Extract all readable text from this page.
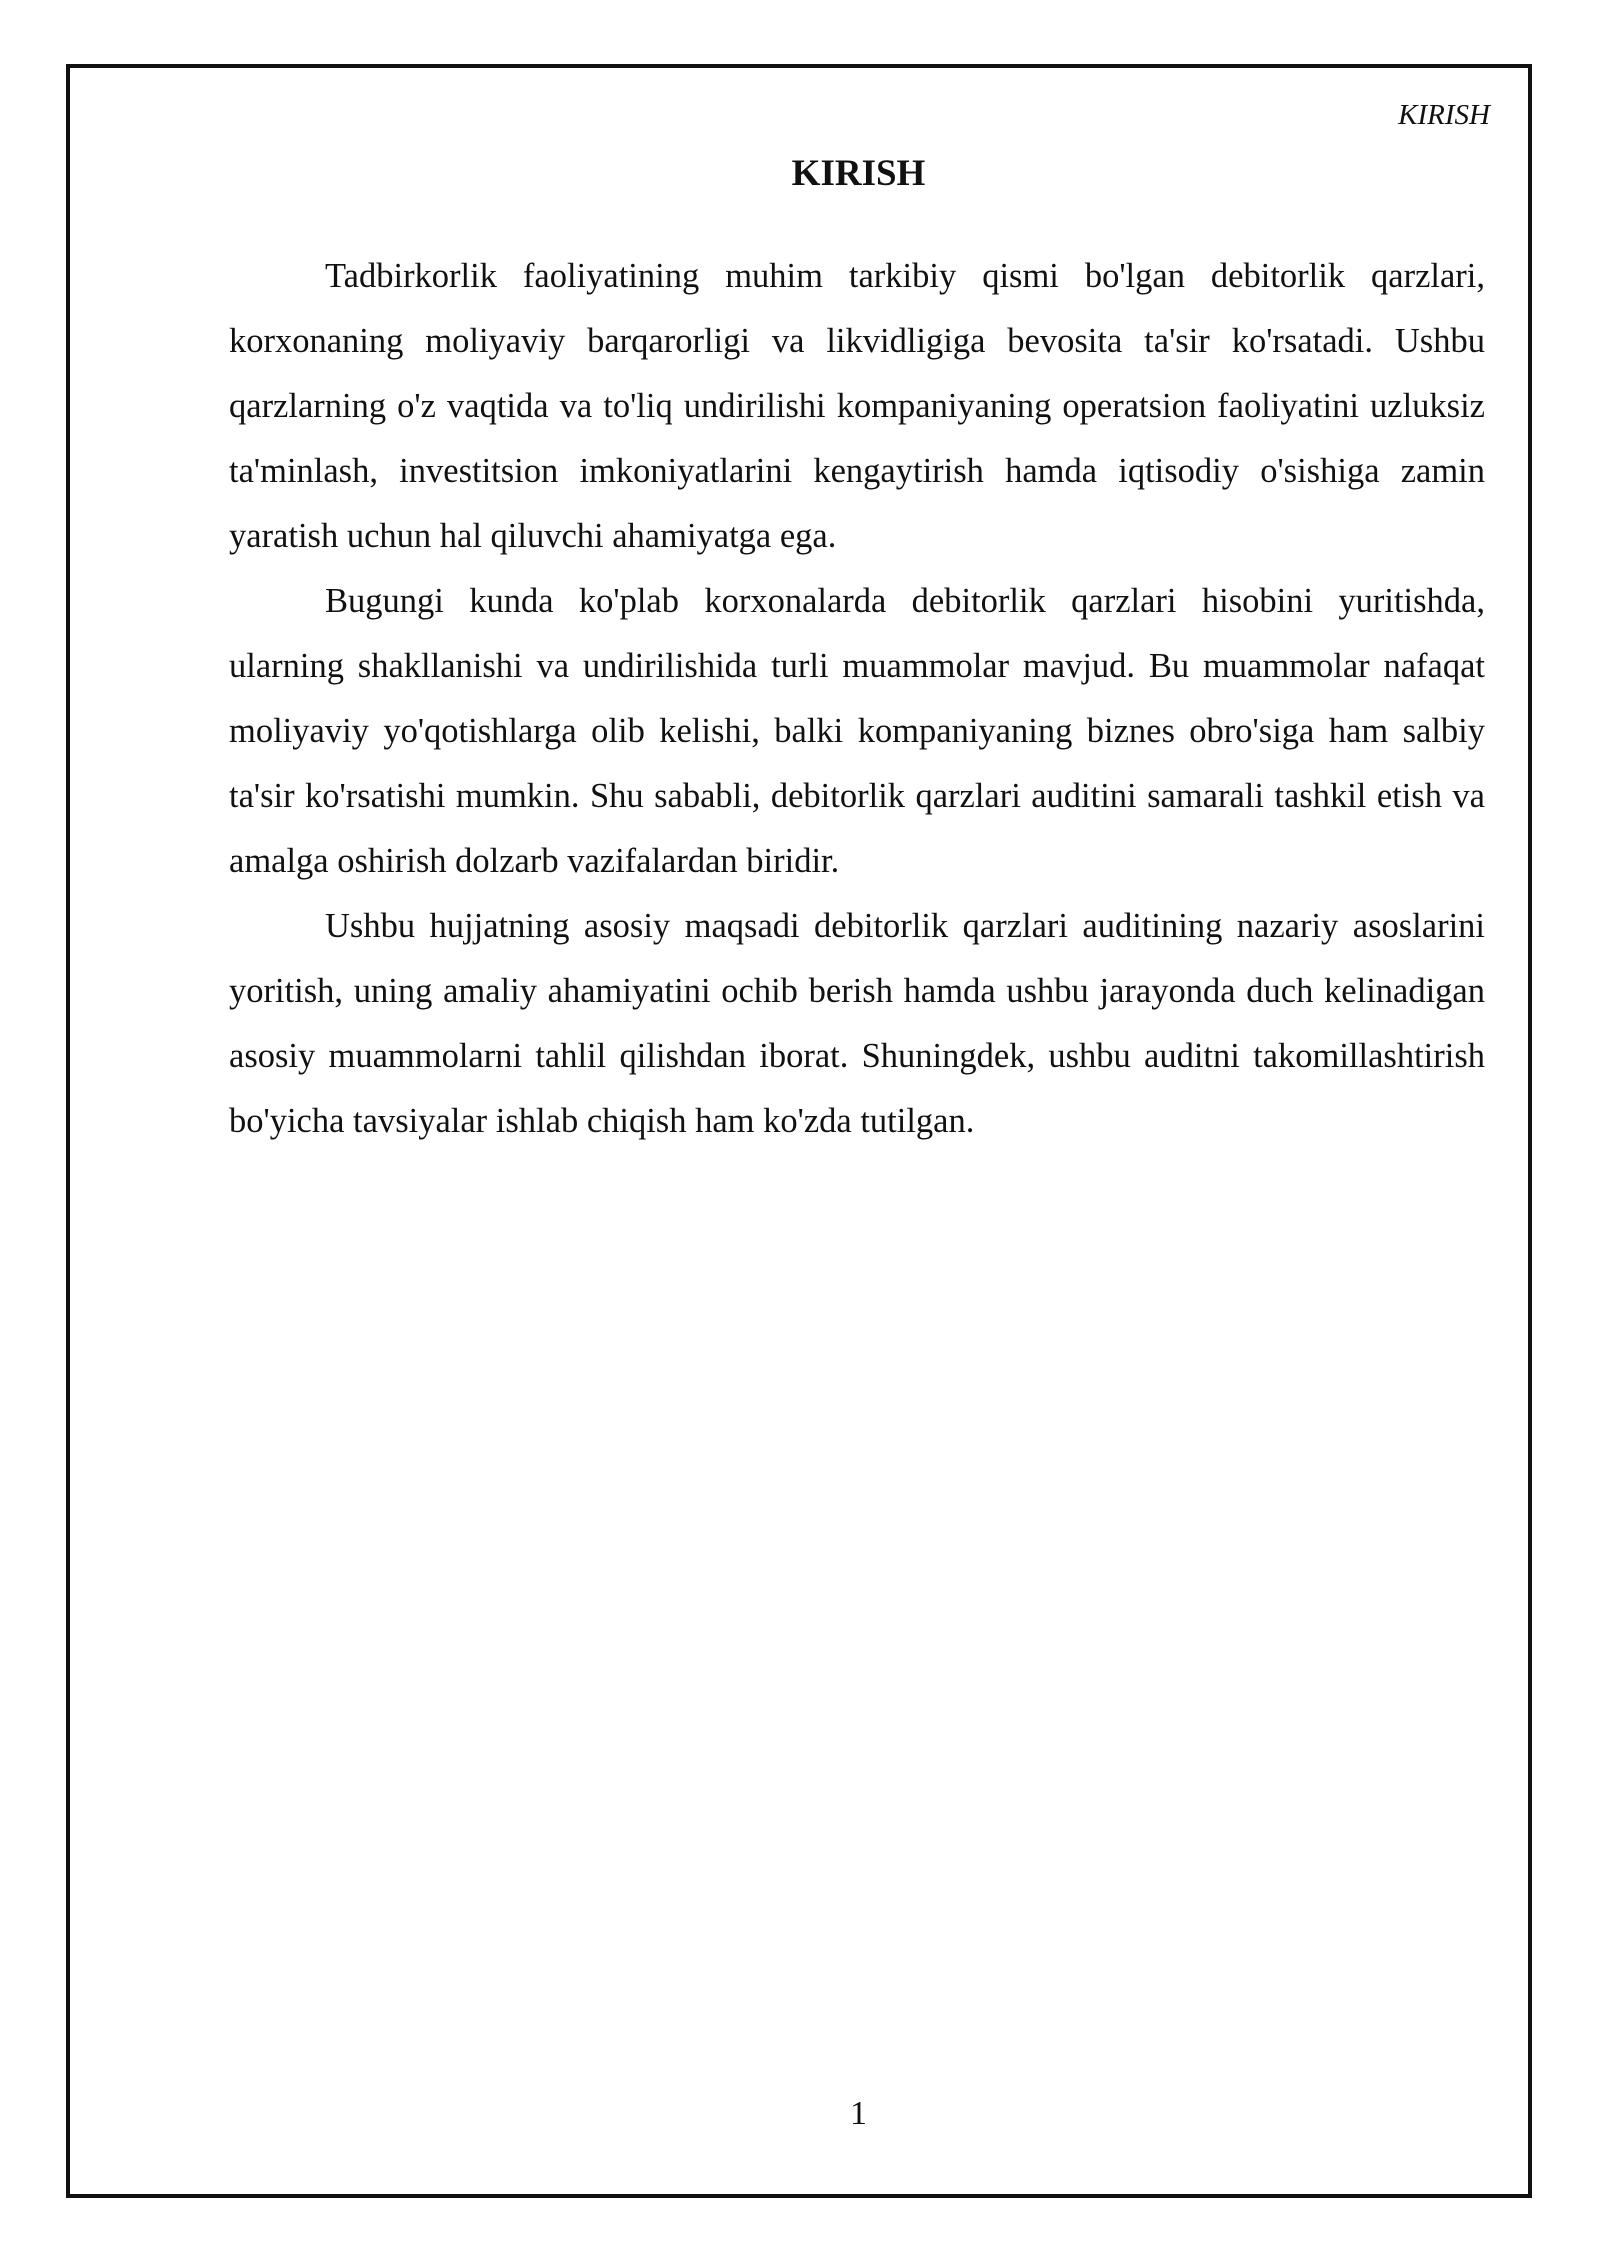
KIRISH
KIRISH

Tadbirkorlik faoliyatining muhim tarkibiy qismi bo'lgan debitorlik qarzlari, korxonaning moliyaviy barqarorligi va likvidligiga bevosita ta'sir ko'rsatadi. Ushbu qarzlarning o'z vaqtida va to'liq undirilishi kompaniyaning operatsion faoliyatini uzluksiz ta'minlash, investitsion imkoniyatlarini kengaytirish hamda iqtisodiy o'sishiga zamin yaratish uchun hal qiluvchi ahamiyatga ega.

Bugungi kunda ko'plab korxonalarda debitorlik qarzlari hisobini yuritishda, ularning shakllanishi va undirilishida turli muammolar mavjud. Bu muammolar nafaqat moliyaviy yo'qotishlarga olib kelishi, balki kompaniyaning biznes obro'siga ham salbiy ta'sir ko'rsatishi mumkin. Shu sababli, debitorlik qarzlari auditini samarali tashkil etish va amalga oshirish dolzarb vazifalardan biridir.

Ushbu hujjatning asosiy maqsadi debitorlik qarzlari auditining nazariy asoslarini yoritish, uning amaliy ahamiyatini ochib berish hamda ushbu jarayonda duch kelinadigan asosiy muammolarni tahlil qilishdan iborat. Shuningdek, ushbu auditni takomillashtirish bo'yicha tavsiyalar ishlab chiqish ham ko'zda tutilgan.

1
